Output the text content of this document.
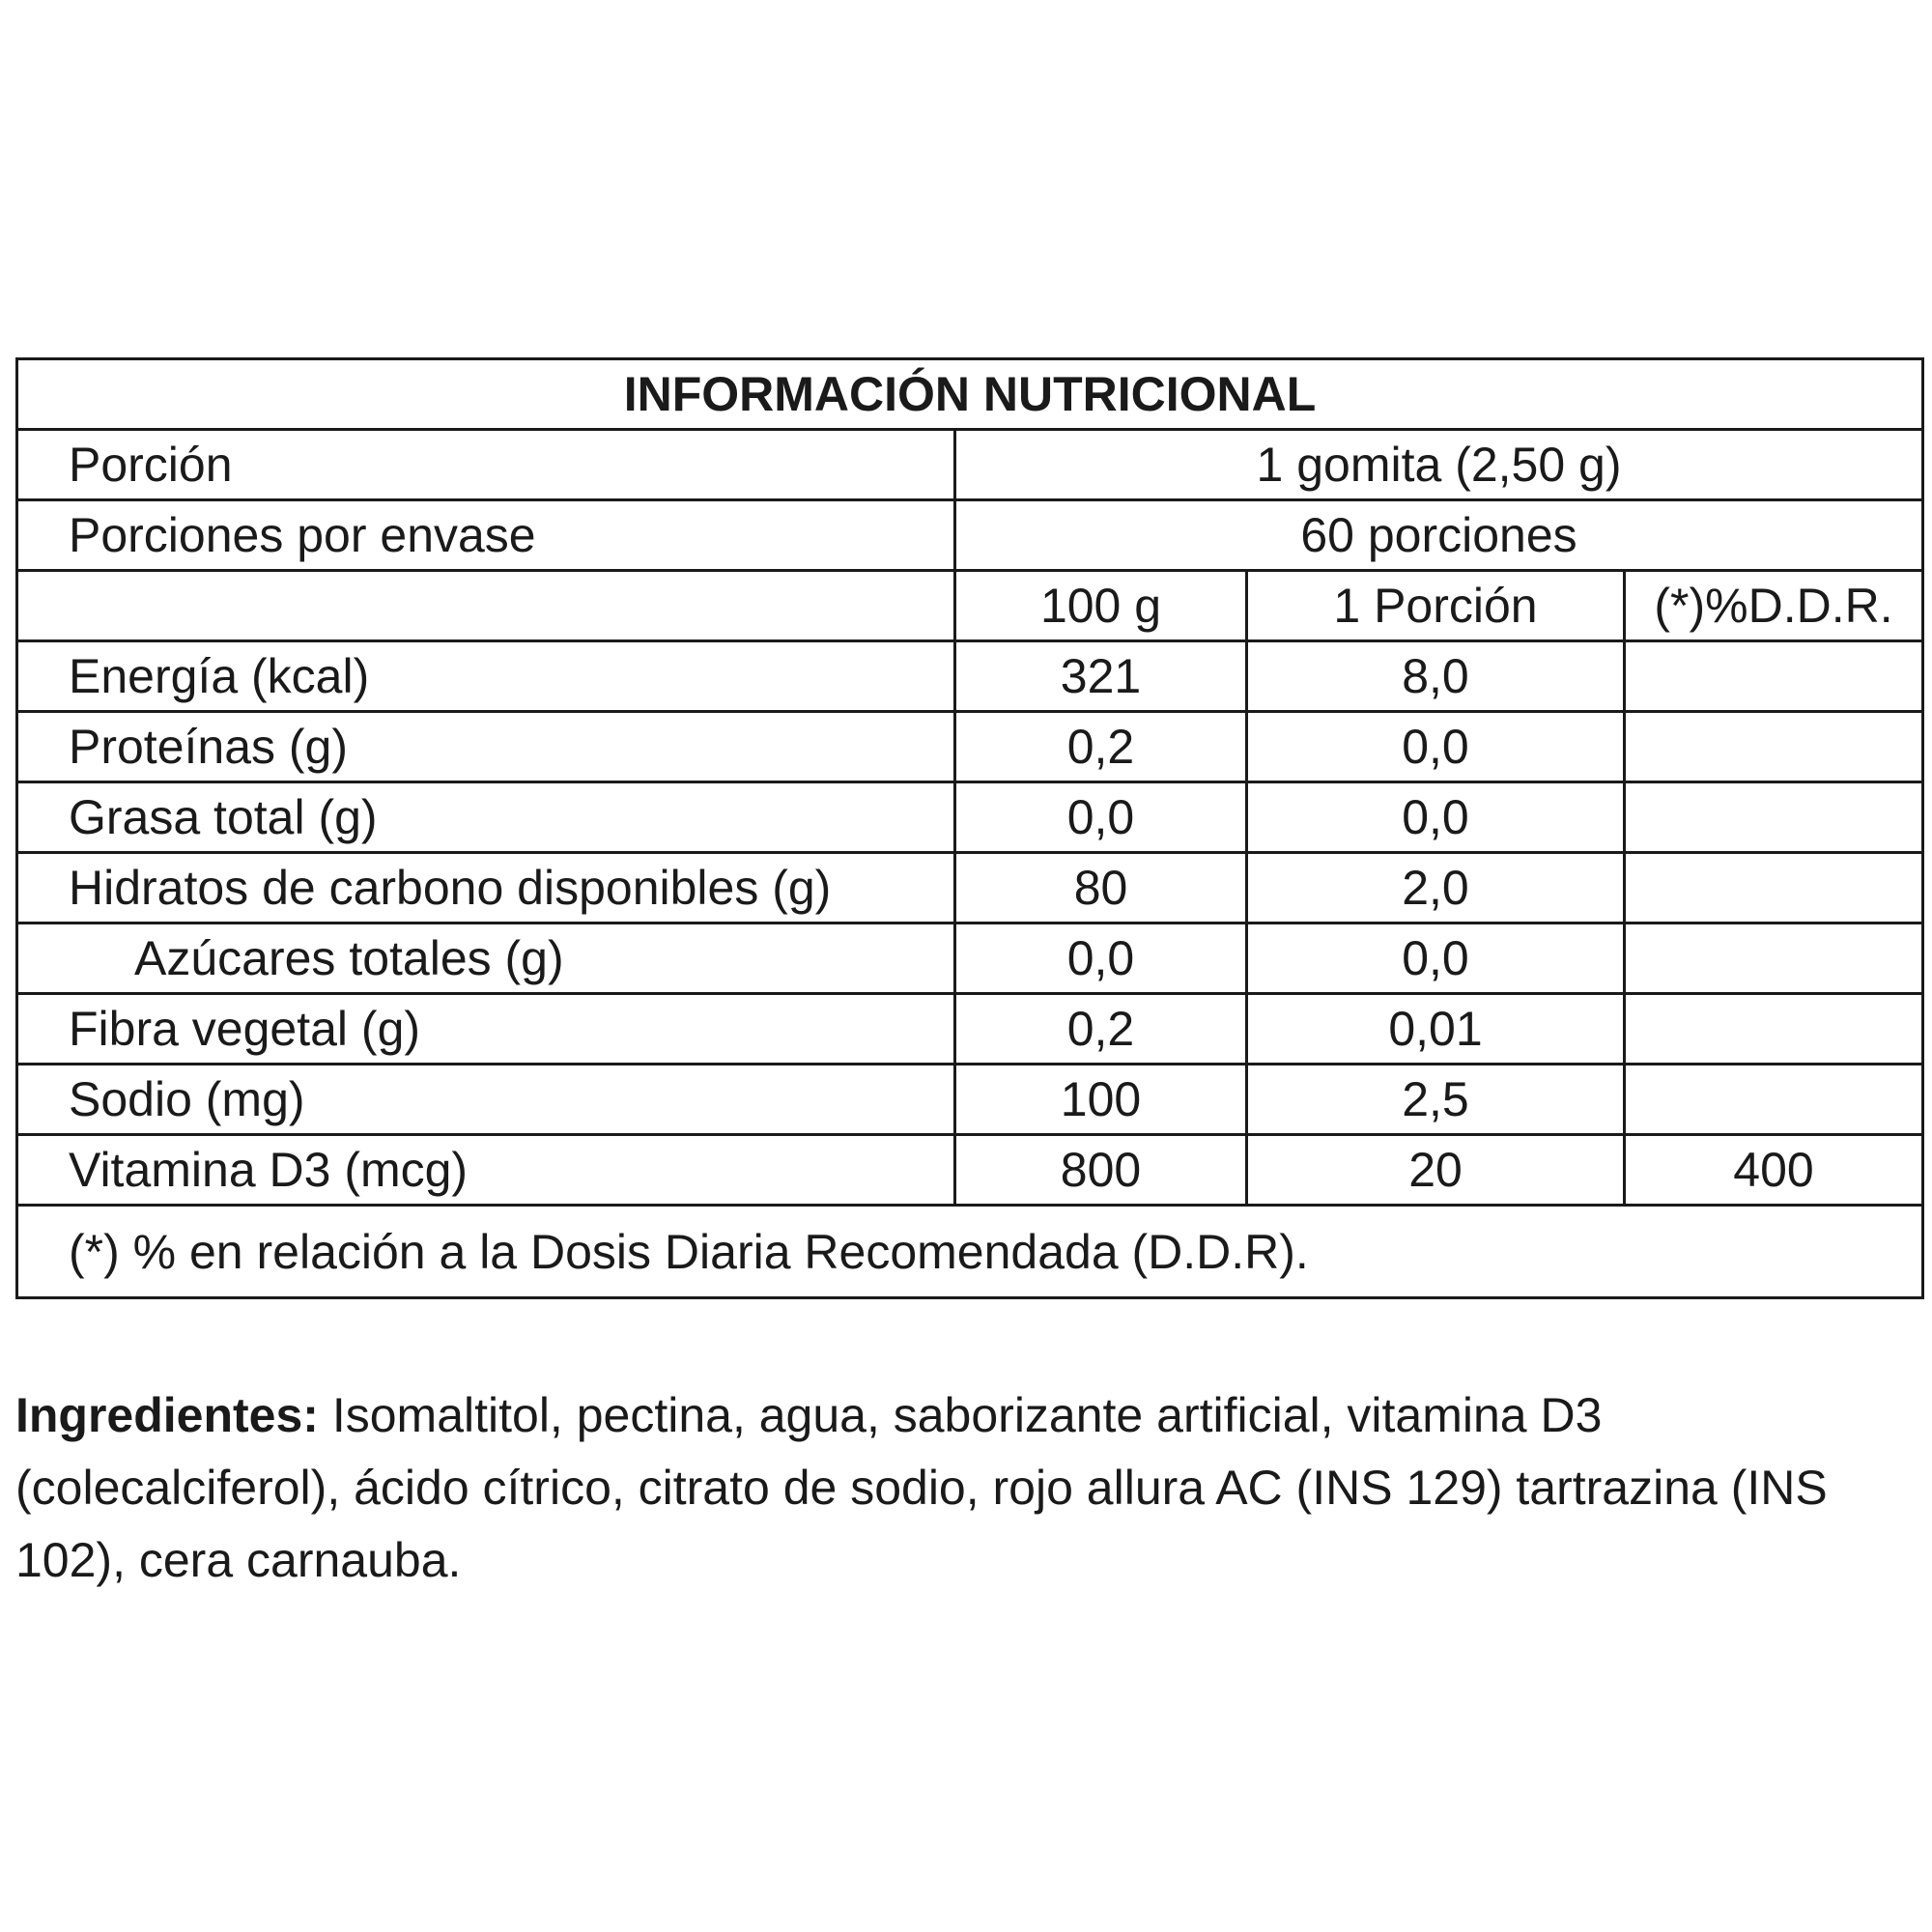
INFORMACIÓN NUTRICIONAL			
Porción	1 gomita (2,50 g)		
Porciones por envase	60 porciones		
	100 g	1 Porción	(*)%D.D.R.
Energía (kcal)	321	8,0	
Proteínas (g)	0,2	0,0	
Grasa total (g)	0,0	0,0	
Hidratos de carbono disponibles (g)	80	2,0	
Azúcares totales (g)	0,0	0,0	
Fibra vegetal (g)	0,2	0,01	
Sodio (mg)	100	2,5	
Vitamina D3 (mcg)	800	20	400
(*) % en relación a la Dosis Diaria Recomendada (D.D.R).			

Ingredientes: Isomaltitol, pectina, agua, saborizante artificial, vitamina D3 (colecalciferol), ácido cítrico, citrato de sodio, rojo allura AC (INS 129) tartrazina (INS 102), cera carnauba.
